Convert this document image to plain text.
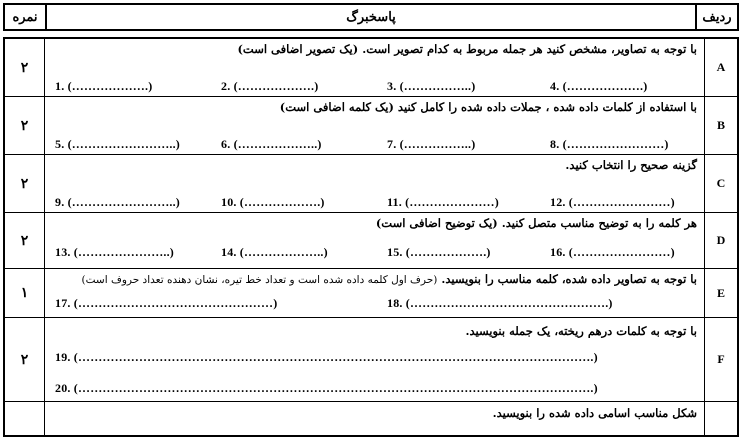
نمره	پاسخبرگ	ردیف
۲	A
با توجه به تصاویر، مشخص کنید هر جمله مربوط به کدام تصویر است. (یک تصویر اضافی است)
1. (……………….)	2. (……………….)	3. (……………..)	4. (……………….)
۲	B
با استفاده از کلمات داده شده ، جملات داده شده را کامل کنید (یک کلمه اضافی است)
5. (……………………..)	6. (………………..)	7. (……………..)	8. (……………………)
۲	C
گزینه صحیح را انتخاب کنید.
9. (……………………..)	10. (……………….)	11. (…………………)	12. (……………………)
۲	D
هر کلمه را به توضیح مناسب متصل کنید. (یک توضیح اضافی است)
13. (…………………..)	14. (………………..)	15. (……………….)	16. (……………………)
۱	E
با توجه به تصاویر داده شده، کلمه مناسب را بنویسید. (حرف اول کلمه داده شده است و تعداد خط تیره، نشان دهنده تعداد حروف است)
17. (…………………………………………)	18. (………………………………………….)
۲	F
با توجه به کلمات درهم ریخته، یک جمله بنویسید.
19. (……………………………………………………………………………………………………………….)
20. (……………………………………………………………………………………………………………….)
شکل مناسب اسامی داده شده را بنویسید.
